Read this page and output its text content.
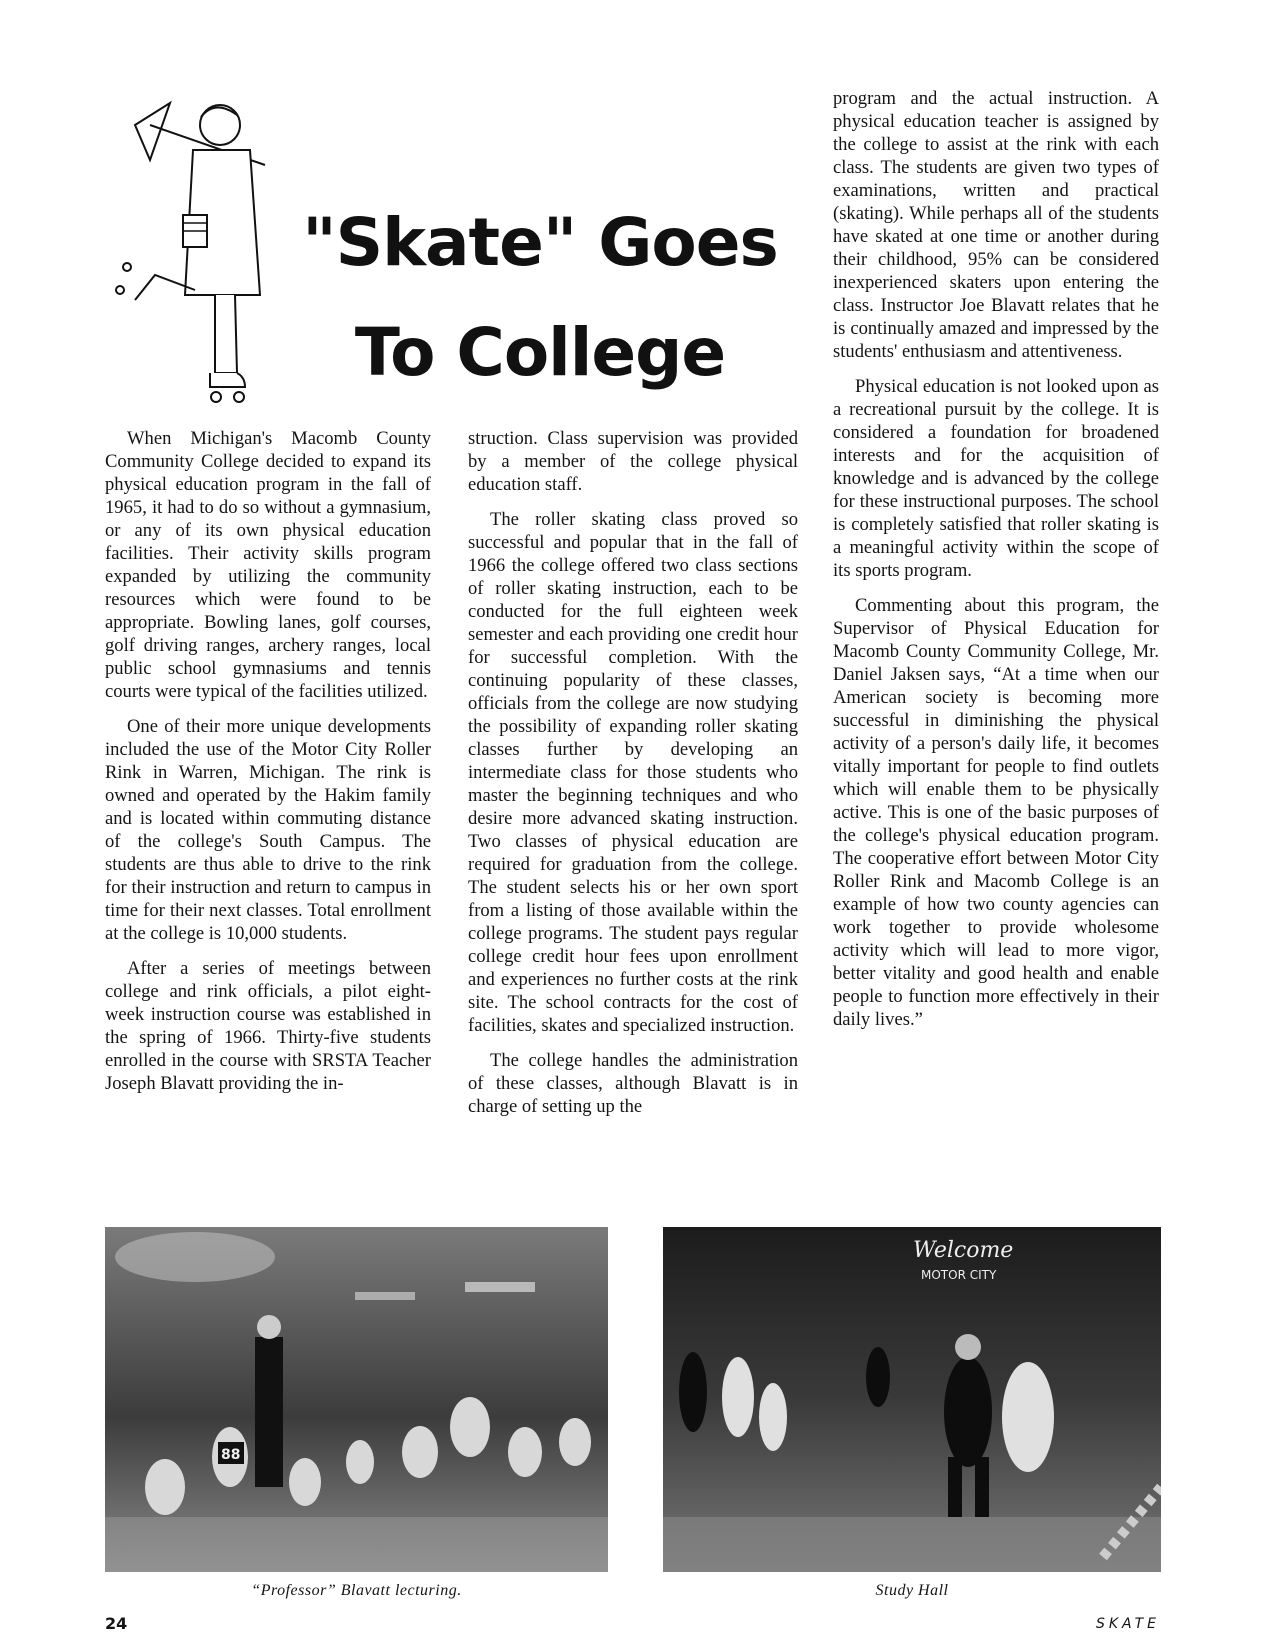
"Skate" Goes
To College

When Michigan's Macomb County Community College decided to expand its physical education program in the fall of 1965, it had to do so without a gymnasium, or any of its own physical education facilities. Their activity skills program expanded by utilizing the community resources which were found to be appropriate. Bowling lanes, golf courses, golf driving ranges, archery ranges, local public school gymnasiums and tennis courts were typical of the facilities utilized.

One of their more unique developments included the use of the Motor City Roller Rink in Warren, Michigan. The rink is owned and operated by the Hakim family and is located within commuting distance of the college's South Campus. The students are thus able to drive to the rink for their instruction and return to campus in time for their next classes. Total enrollment at the college is 10,000 students.

After a series of meetings between college and rink officials, a pilot eight-week instruction course was established in the spring of 1966. Thirty-five students enrolled in the course with SRSTA Teacher Joseph Blavatt providing the in-

struction. Class supervision was provided by a member of the college physical education staff.

The roller skating class proved so successful and popular that in the fall of 1966 the college offered two class sections of roller skating instruction, each to be conducted for the full eighteen week semester and each providing one credit hour for successful completion. With the continuing popularity of these classes, officials from the college are now studying the possibility of expanding roller skating classes further by developing an intermediate class for those students who master the beginning techniques and who desire more advanced skating instruction. Two classes of physical education are required for graduation from the college. The student selects his or her own sport from a listing of those available within the college programs. The student pays regular college credit hour fees upon enrollment and experiences no further costs at the rink site. The school contracts for the cost of facilities, skates and specialized instruction.

The college handles the administration of these classes, although Blavatt is in charge of setting up the

program and the actual instruction. A physical education teacher is assigned by the college to assist at the rink with each class. The students are given two types of examinations, written and practical (skating). While perhaps all of the students have skated at one time or another during their childhood, 95% can be considered inexperienced skaters upon entering the class. Instructor Joe Blavatt relates that he is continually amazed and impressed by the students' enthusiasm and attentiveness.

Physical education is not looked upon as a recreational pursuit by the college. It is considered a foundation for broadened interests and for the acquisition of knowledge and is advanced by the college for these instructional purposes. The school is completely satisfied that roller skating is a meaningful activity within the scope of its sports program.

Commenting about this program, the Supervisor of Physical Education for Macomb County Community College, Mr. Daniel Jaksen says, “At a time when our American society is becoming more successful in diminishing the physical activity of a person's daily life, it becomes vitally important for people to find outlets which will enable them to be physically active. This is one of the basic purposes of the college's physical education program. The cooperative effort between Motor City Roller Rink and Macomb College is an example of how two county agencies can work together to provide wholesome activity which will lead to more vigor, better vitality and good health and enable people to function more effectively in their daily lives.”

88
Welcome
MOTOR CITY
“Professor” Blavatt lecturing.	Study Hall
24	SKATE
